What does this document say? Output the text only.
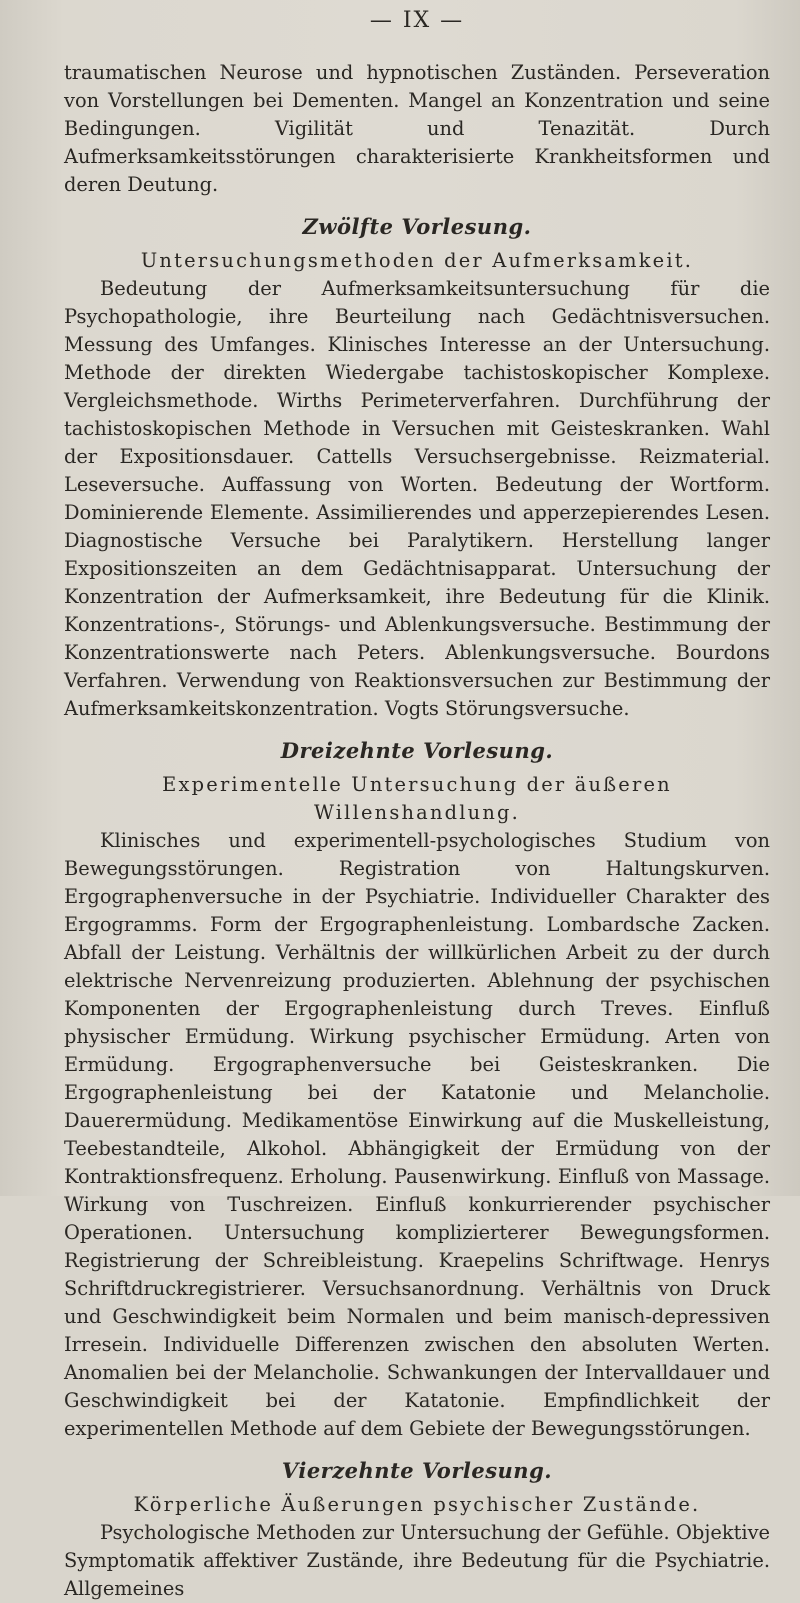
— IX —

traumatischen Neurose und hypnotischen Zuständen. Perseveration von Vorstellungen bei Dementen. Mangel an Konzentration und seine Bedingungen. Vigilität und Tenazität. Durch Aufmerksamkeitsstörungen charakterisierte Krankheitsformen und deren Deutung.

Zwölfte Vorlesung.
Untersuchungsmethoden der Aufmerksamkeit.

Bedeutung der Aufmerksamkeitsuntersuchung für die Psychopathologie, ihre Beurteilung nach Gedächtnisversuchen. Messung des Umfanges. Klinisches Interesse an der Untersuchung. Methode der direkten Wiedergabe tachistoskopischer Komplexe. Vergleichsmethode. Wirths Perimeterverfahren. Durchführung der tachistoskopischen Methode in Versuchen mit Geisteskranken. Wahl der Expositionsdauer. Cattells Versuchsergebnisse. Reizmaterial. Leseversuche. Auffassung von Worten. Bedeutung der Wortform. Dominierende Elemente. Assimilierendes und apperzepierendes Lesen. Diagnostische Versuche bei Paralytikern. Herstellung langer Expositionszeiten an dem Gedächtnisapparat. Untersuchung der Konzentration der Aufmerksamkeit, ihre Bedeutung für die Klinik. Konzentrations-, Störungs- und Ablenkungsversuche. Bestimmung der Konzentrationswerte nach Peters. Ablenkungsversuche. Bourdons Verfahren. Verwendung von Reaktionsversuchen zur Bestimmung der Aufmerksamkeitskonzentration. Vogts Störungsversuche.

Dreizehnte Vorlesung.
Experimentelle Untersuchung der äußeren Willenshandlung.

Klinisches und experimentell-psychologisches Studium von Bewegungsstörungen. Registration von Haltungskurven. Ergographenversuche in der Psychiatrie. Individueller Charakter des Ergogramms. Form der Ergographenleistung. Lombardsche Zacken. Abfall der Leistung. Verhältnis der willkürlichen Arbeit zu der durch elektrische Nervenreizung produzierten. Ablehnung der psychischen Komponenten der Ergographenleistung durch Treves. Einfluß physischer Ermüdung. Wirkung psychischer Ermüdung. Arten von Ermüdung. Ergographenversuche bei Geisteskranken. Die Ergographenleistung bei der Katatonie und Melancholie. Dauerermüdung. Medikamentöse Einwirkung auf die Muskelleistung, Teebestandteile, Alkohol. Abhängigkeit der Ermüdung von der Kontraktionsfrequenz. Erholung. Pausenwirkung. Einfluß von Massage. Wirkung von Tuschreizen. Einfluß konkurrierender psychischer Operationen. Untersuchung komplizierterer Bewegungsformen. Registrierung der Schreibleistung. Kraepelins Schriftwage. Henrys Schriftdruckregistrierer. Versuchsanordnung. Verhältnis von Druck und Geschwindigkeit beim Normalen und beim manisch-depressiven Irresein. Individuelle Differenzen zwischen den absoluten Werten. Anomalien bei der Melancholie. Schwankungen der Intervalldauer und Geschwindigkeit bei der Katatonie. Empfindlichkeit der experimentellen Methode auf dem Gebiete der Bewegungsstörungen.

Vierzehnte Vorlesung.
Körperliche Äußerungen psychischer Zustände.

Psychologische Methoden zur Untersuchung der Gefühle. Objektive Symptomatik affektiver Zustände, ihre Bedeutung für die Psychiatrie. Allgemeines
